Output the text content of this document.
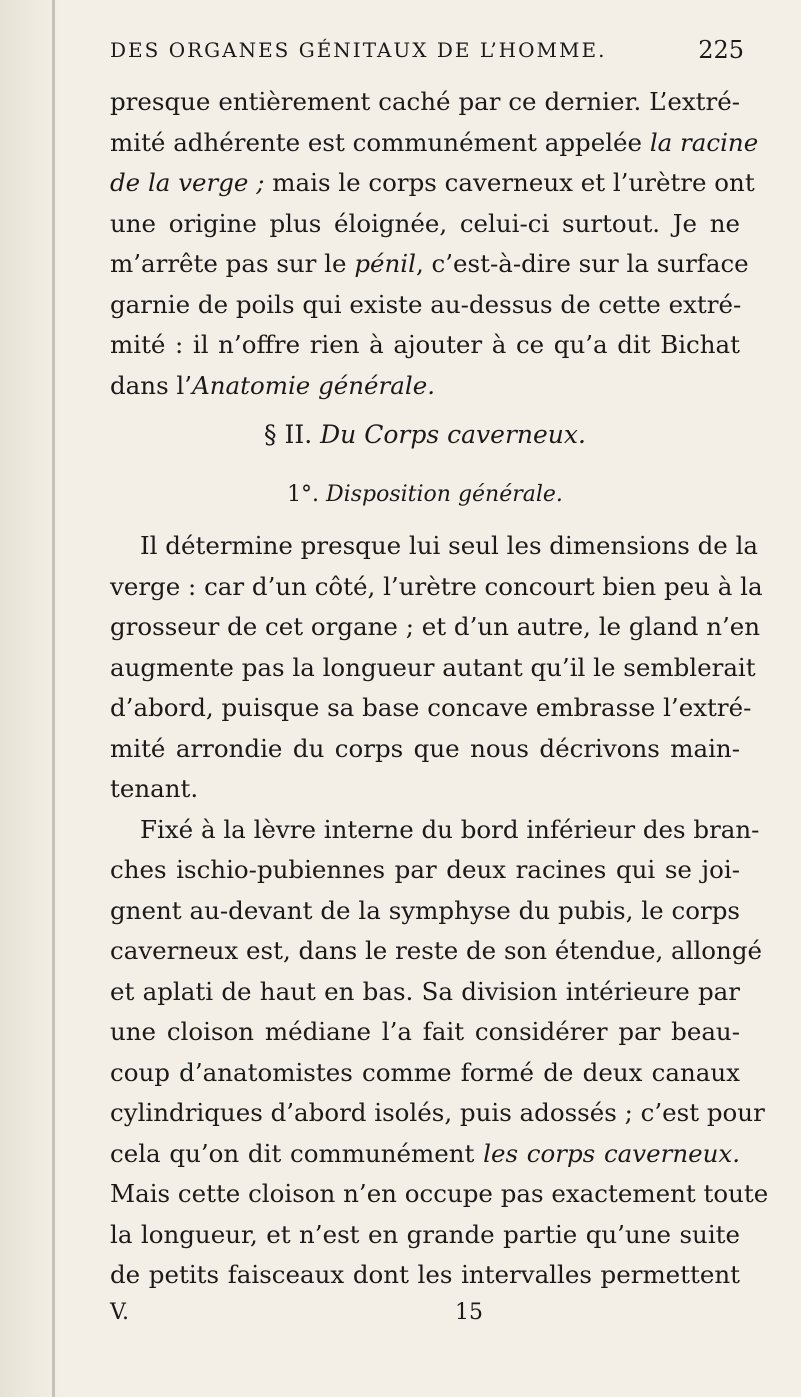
DES ORGANES GÉNITAUX DE L’HOMME.	225
presque entièrement caché par ce dernier. L’extré-
mité adhérente est communément appelée la racine
de la verge ; mais le corps caverneux et l’urètre ont
une origine plus éloignée, celui-ci surtout. Je ne
m’arrête pas sur le pénil, c’est-à-dire sur la surface
garnie de poils qui existe au-dessus de cette extré-
mité : il n’offre rien à ajouter à ce qu’a dit Bichat
dans l’Anatomie générale.
§ II. Du Corps caverneux.
1°. Disposition générale.
Il détermine presque lui seul les dimensions de la
verge : car d’un côté, l’urètre concourt bien peu à la
grosseur de cet organe ; et d’un autre, le gland n’en
augmente pas la longueur autant qu’il le semblerait
d’abord, puisque sa base concave embrasse l’extré-
mité arrondie du corps que nous décrivons main-
tenant.
Fixé à la lèvre interne du bord inférieur des bran-
ches ischio-pubiennes par deux racines qui se joi-
gnent au-devant de la symphyse du pubis, le corps
caverneux est, dans le reste de son étendue, allongé
et aplati de haut en bas. Sa division intérieure par
une cloison médiane l’a fait considérer par beau-
coup d’anatomistes comme formé de deux canaux
cylindriques d’abord isolés, puis adossés ; c’est pour
cela qu’on dit communément les corps caverneux.
Mais cette cloison n’en occupe pas exactement toute
la longueur, et n’est en grande partie qu’une suite
de petits faisceaux dont les intervalles permettent
V.	15
